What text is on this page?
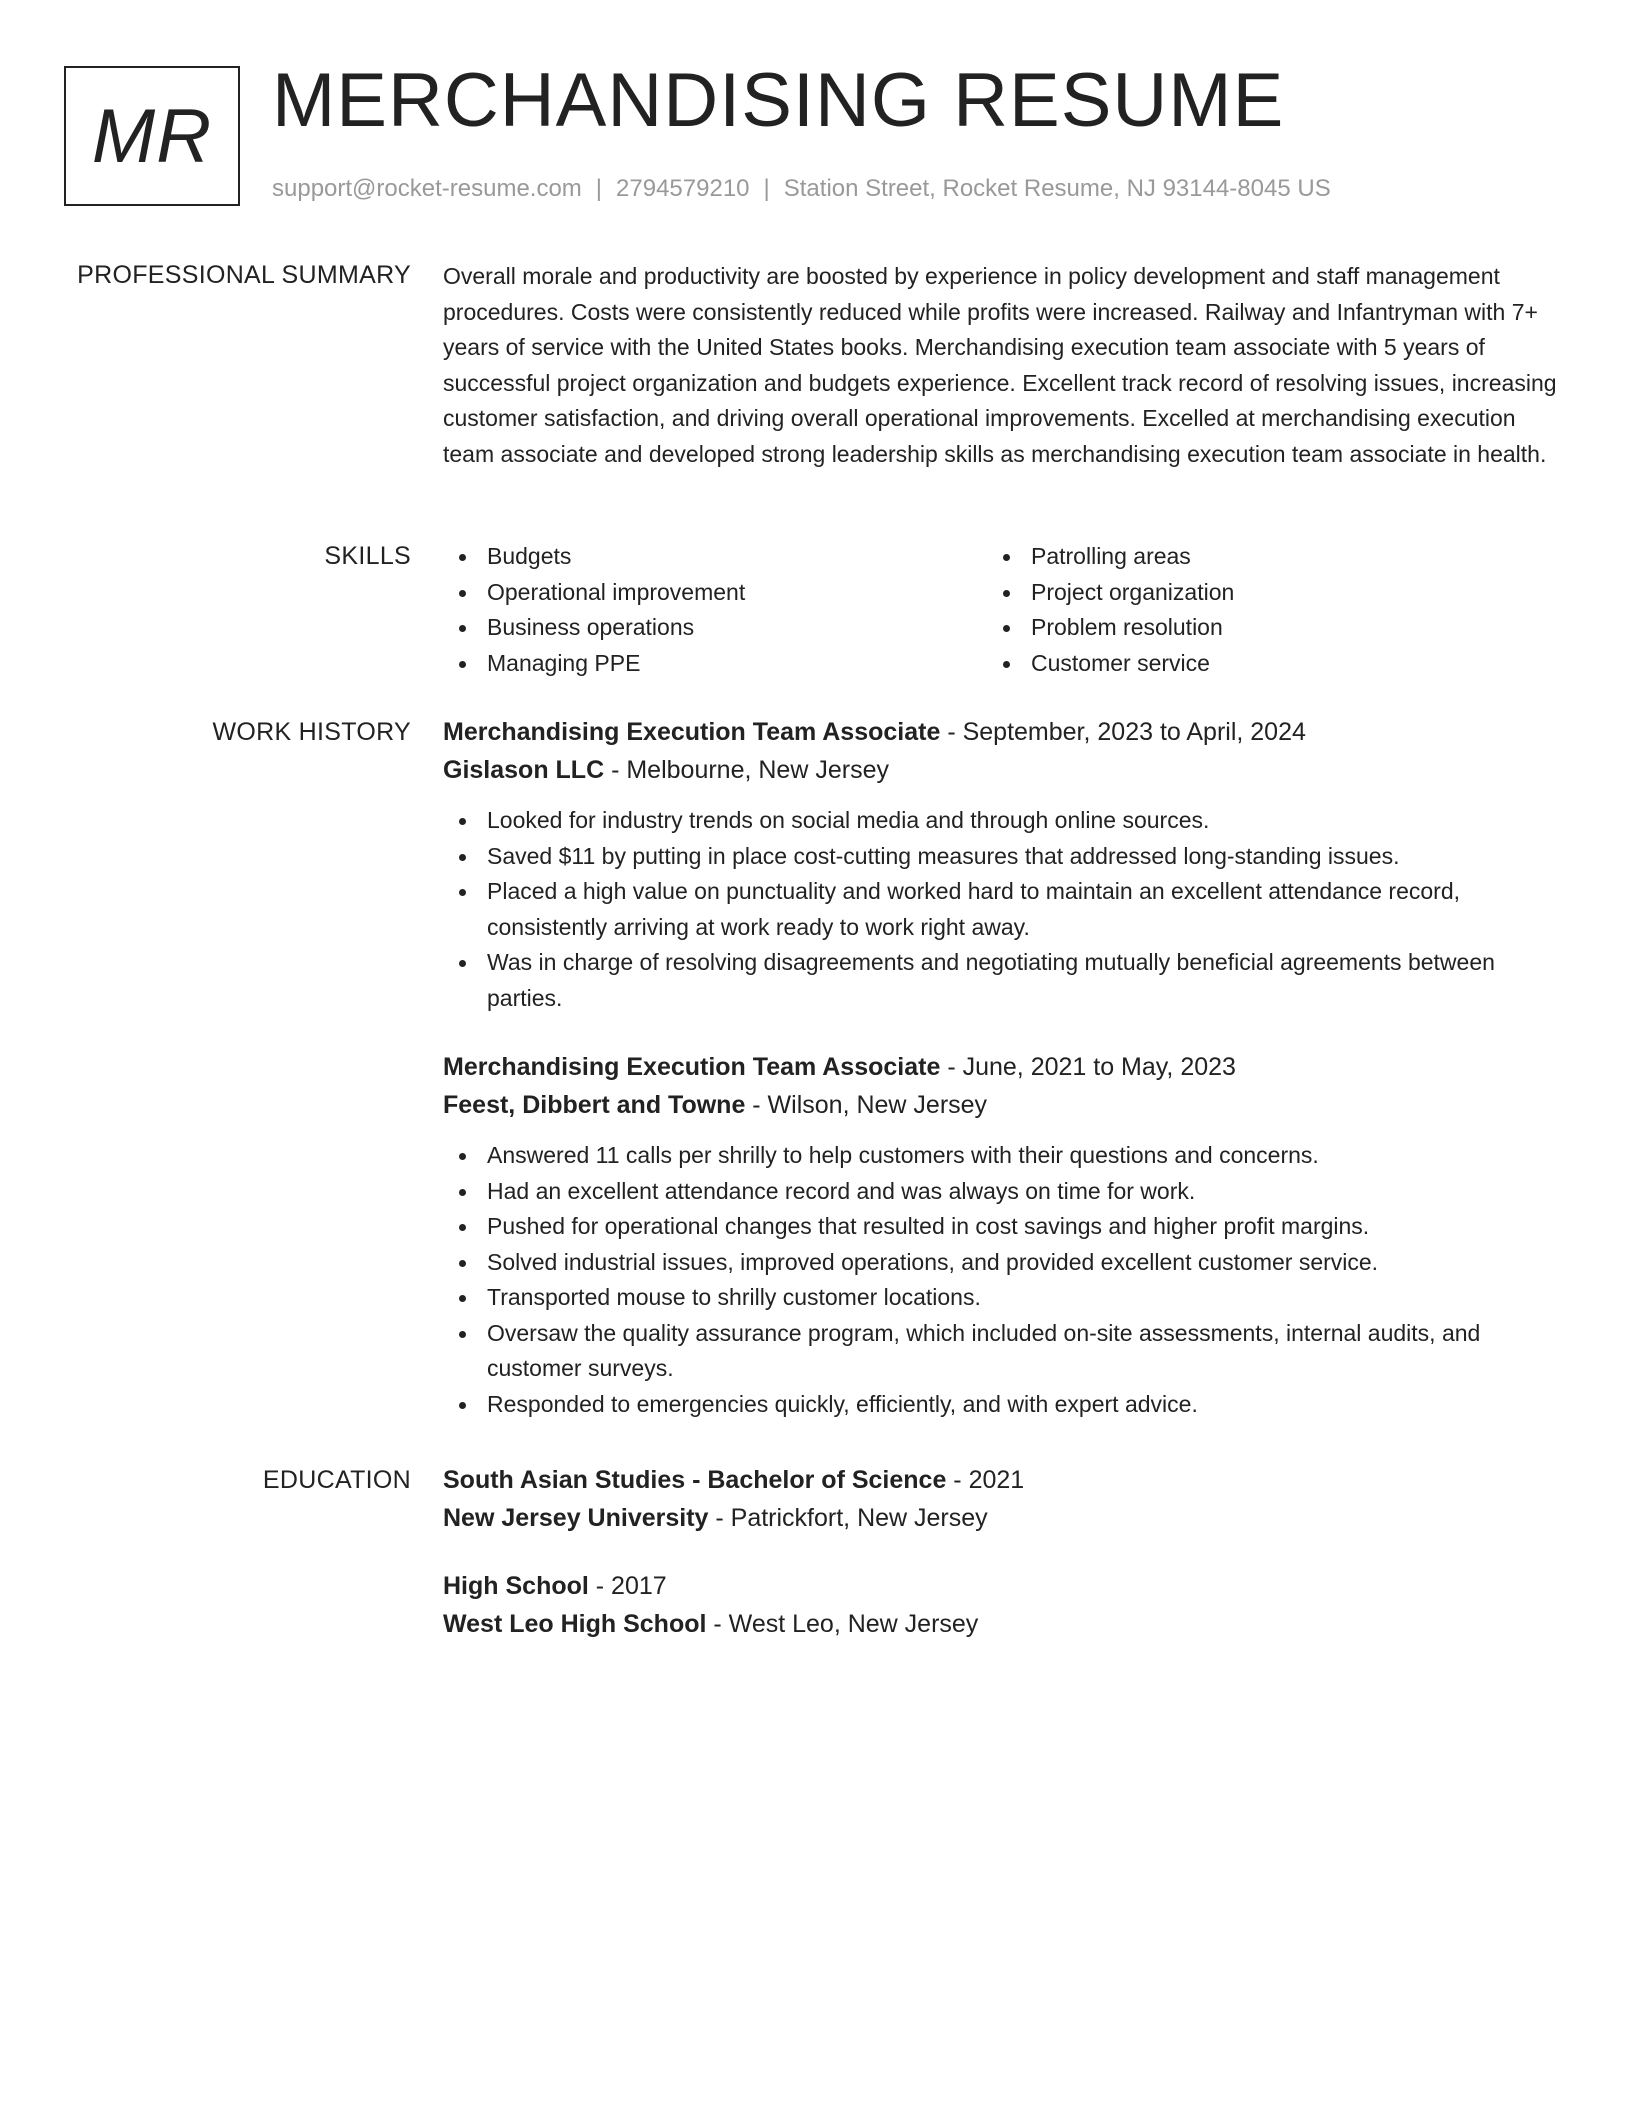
MR MERCHANDISING RESUME
support@rocket-resume.com | 2794579210 | Station Street, Rocket Resume, NJ 93144-8045 US
PROFESSIONAL SUMMARY Overall morale and productivity are boosted by experience in policy development and staff management procedures. Costs were consistently reduced while profits were increased. Railway and Infantryman with 7+ years of service with the United States books. Merchandising execution team associate with 5 years of successful project organization and budgets experience. Excellent track record of resolving issues, increasing customer satisfaction, and driving overall operational improvements. Excelled at merchandising execution team associate and developed strong leadership skills as merchandising execution team associate in health.

SKILLS	Budgets
Operational improvement
Business operations
Managing PPE
Patrolling areas
Project organization
Problem resolution
Customer service
WORK HISTORY Merchandising Execution Team Associate - September, 2023 to April, 2024
Gislason LLC - Melbourne, New Jersey
Looked for industry trends on social media and through online sources.
Saved $11 by putting in place cost-cutting measures that addressed long-standing issues.
Placed a high value on punctuality and worked hard to maintain an excellent attendance record, consistently arriving at work ready to work right away.
Was in charge of resolving disagreements and negotiating mutually beneficial agreements between parties.
Merchandising Execution Team Associate - June, 2021 to May, 2023
Feest, Dibbert and Towne - Wilson, New Jersey
Answered 11 calls per shrilly to help customers with their questions and concerns.
Had an excellent attendance record and was always on time for work.
Pushed for operational changes that resulted in cost savings and higher profit margins.
Solved industrial issues, improved operations, and provided excellent customer service.
Transported mouse to shrilly customer locations.
Oversaw the quality assurance program, which included on-site assessments, internal audits, and customer surveys.
Responded to emergencies quickly, efficiently, and with expert advice.
EDUCATION South Asian Studies - Bachelor of Science - 2021
New Jersey University - Patrickfort, New Jersey
High School - 2017
West Leo High School - West Leo, New Jersey
